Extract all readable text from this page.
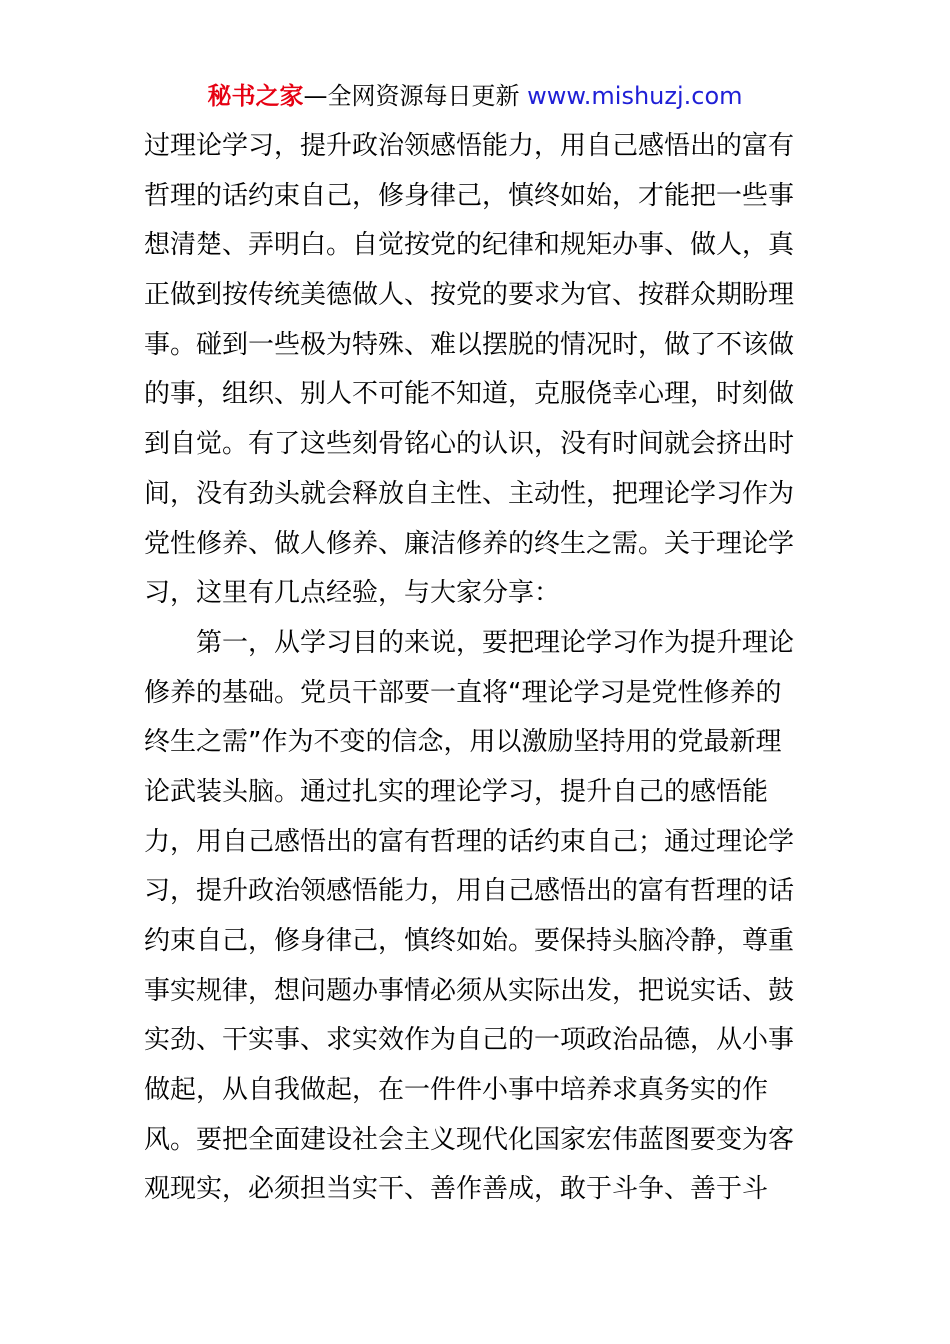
秘书之家—全网资源每日更新 www.mishuzj.com
过理论学习，提升政治领感悟能力，用自己感悟出的富有
哲理的话约束自己，修身律己，慎终如始，才能把一些事
想清楚、弄明白。自觉按党的纪律和规矩办事、做人，真
正做到按传统美德做人、按党的要求为官、按群众期盼理
事。碰到一些极为特殊、难以摆脱的情况时，做了不该做
的事，组织、别人不可能不知道，克服侥幸心理，时刻做
到自觉。有了这些刻骨铭心的认识，没有时间就会挤出时
间，没有劲头就会释放自主性、主动性，把理论学习作为
党性修养、做人修养、廉洁修养的终生之需。关于理论学
习，这里有几点经验，与大家分享：
　　第一，从学习目的来说，要把理论学习作为提升理论
修养的基础。党员干部要一直将“理论学习是党性修养的
终生之需”作为不变的信念，用以激励坚持用的党最新理
论武装头脑。通过扎实的理论学习，提升自己的感悟能
力，用自己感悟出的富有哲理的话约束自己；通过理论学
习，提升政治领感悟能力，用自己感悟出的富有哲理的话
约束自己，修身律己，慎终如始。要保持头脑冷静，尊重
事实规律，想问题办事情必须从实际出发，把说实话、鼓
实劲、干实事、求实效作为自己的一项政治品德，从小事
做起，从自我做起，在一件件小事中培养求真务实的作
风。要把全面建设社会主义现代化国家宏伟蓝图要变为客
观现实，必须担当实干、善作善成，敢于斗争、善于斗
